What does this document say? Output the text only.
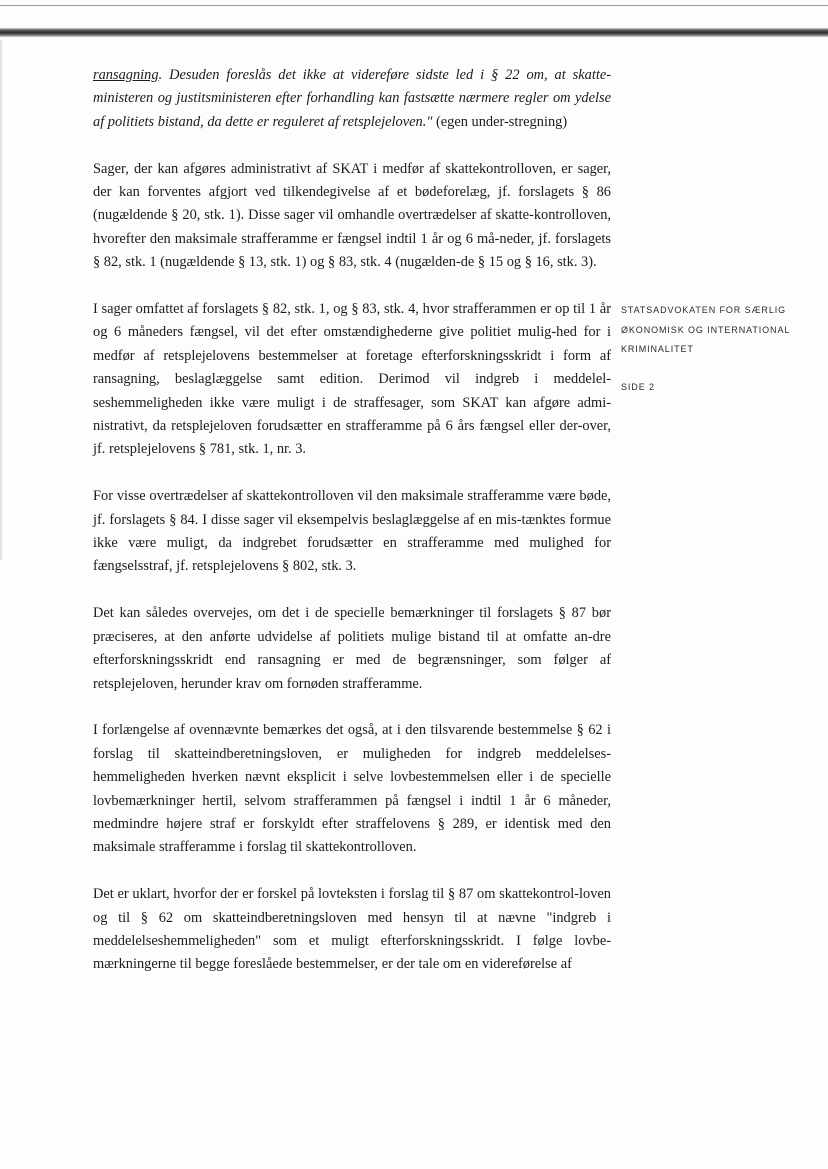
ransagning. Desuden foreslås det ikke at videreføre sidste led i § 22 om, at skatte-ministeren og justitsministeren efter forhandling kan fastsætte nærmere regler om ydelse af politiets bistand, da dette er reguleret af retsplejeloven." (egen under-stregning)

Sager, der kan afgøres administrativt af SKAT i medfør af skattekontrolloven, er sager, der kan forventes afgjort ved tilkendegivelse af et bødeforelæg, jf. forslagets § 86 (nugældende § 20, stk. 1). Disse sager vil omhandle overtrædelser af skatte-kontrolloven, hvorefter den maksimale strafferamme er fængsel indtil 1 år og 6 må-neder, jf. forslagets § 82, stk. 1 (nugældende § 13, stk. 1) og § 83, stk. 4 (nugælden-de § 15 og § 16, stk. 3).

I sager omfattet af forslagets § 82, stk. 1, og § 83, stk. 4, hvor strafferammen er op til 1 år og 6 måneders fængsel, vil det efter omstændighederne give politiet mulig-hed for i medfør af retsplejelovens bestemmelser at foretage efterforskningsskridt i form af ransagning, beslaglæggelse samt edition. Derimod vil indgreb i meddelel-seshemmeligheden ikke være muligt i de straffesager, som SKAT kan afgøre admi-nistrativt, da retsplejeloven forudsætter en strafferamme på 6 års fængsel eller der-over, jf. retsplejelovens § 781, stk. 1, nr. 3.

For visse overtrædelser af skattekontrolloven vil den maksimale strafferamme være bøde, jf. forslagets § 84. I disse sager vil eksempelvis beslaglæggelse af en mis-tænktes formue ikke være muligt, da indgrebet forudsætter en strafferamme med mulighed for fængselsstraf, jf. retsplejelovens § 802, stk. 3.

Det kan således overvejes, om det i de specielle bemærkninger til forslagets § 87 bør præciseres, at den anførte udvidelse af politiets mulige bistand til at omfatte an-dre efterforskningsskridt end ransagning er med de begrænsninger, som følger af retsplejeloven, herunder krav om fornøden strafferamme.

I forlængelse af ovennævnte bemærkes det også, at i den tilsvarende bestemmelse § 62 i forslag til skatteindberetningsloven, er muligheden for indgreb meddelelses-hemmeligheden hverken nævnt eksplicit i selve lovbestemmelsen eller i de specielle lovbemærkninger hertil, selvom strafferammen på fængsel i indtil 1 år 6 måneder, medmindre højere straf er forskyldt efter straffelovens § 289, er identisk med den maksimale strafferamme i forslag til skattekontrolloven.

Det er uklart, hvorfor der er forskel på lovteksten i forslag til § 87 om skattekontrol-loven og til § 62 om skatteindberetningsloven med hensyn til at nævne "indgreb i meddelelseshemmeligheden" som et muligt efterforskningsskridt. I følge lovbe-mærkningerne til begge foreslåede bestemmelser, er der tale om en videreførelse af

STATSADVOKATEN FOR SÆRLIG
ØKONOMISK OG INTERNATIONAL
KRIMINALITET
SIDE 2
